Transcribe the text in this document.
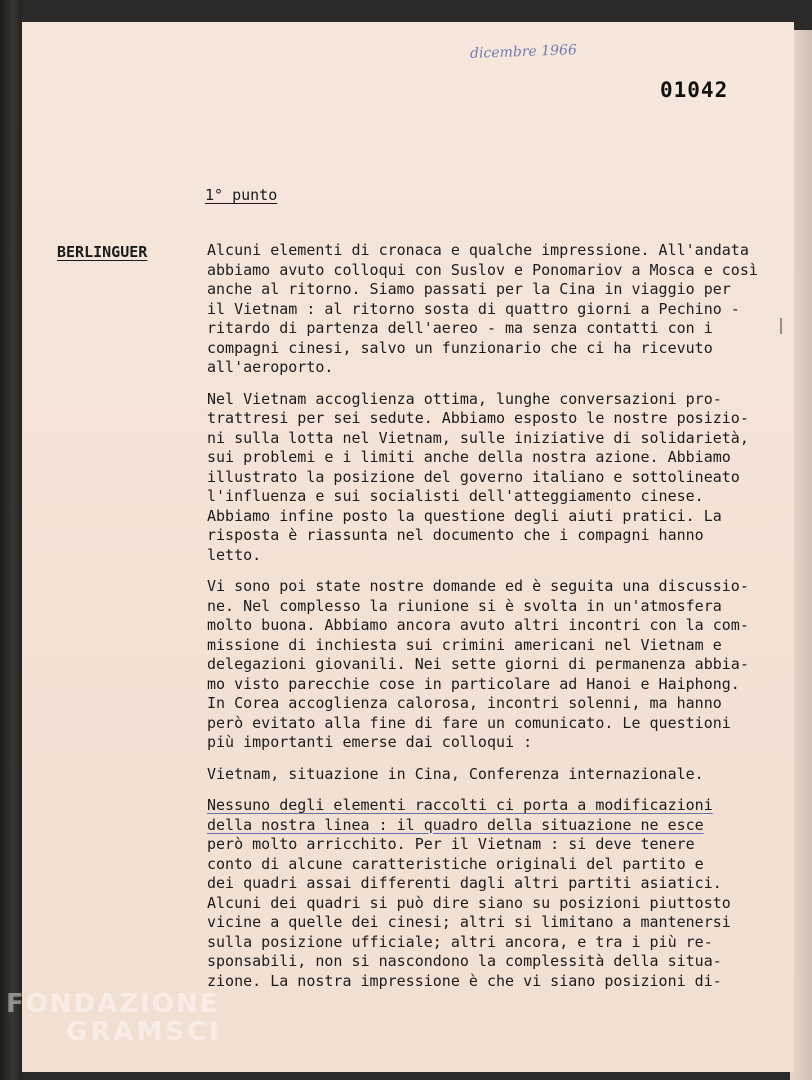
dicembre 1966
01042
1° punto
BERLINGUER	Alcuni elementi di cronaca e qualche impressione. All'andata
abbiamo avuto colloqui con Suslov e Ponomariov a Mosca e così
anche al ritorno. Siamo passati per la Cina in viaggio per
il Vietnam : al ritorno sosta di quattro giorni a Pechino -
ritardo di partenza dell'aereo - ma senza contatti con i
compagni cinesi, salvo un funzionario che ci ha ricevuto
all'aeroporto.
Nel Vietnam accoglienza ottima, lunghe conversazioni pro-
trattresi per sei sedute. Abbiamo esposto le nostre posizio-
ni sulla lotta nel Vietnam, sulle iniziative di solidarietà,
sui problemi e i limiti anche della nostra azione. Abbiamo
illustrato la posizione del governo italiano e sottolineato
l'influenza e sui socialisti dell'atteggiamento cinese.
Abbiamo infine posto la questione degli aiuti pratici. La
risposta è riassunta nel documento che i compagni hanno
letto.
Vi sono poi state nostre domande ed è seguita una discussio-
ne. Nel complesso la riunione si è svolta in un'atmosfera
molto buona. Abbiamo ancora avuto altri incontri con la com-
missione di inchiesta sui crimini americani nel Vietnam e
delegazioni giovanili. Nei sette giorni di permanenza abbia-
mo visto parecchie cose in particolare ad Hanoi e Haiphong.
In Corea accoglienza calorosa, incontri solenni, ma hanno
però evitato alla fine di fare un comunicato. Le questioni
più importanti emerse dai colloqui :
Vietnam, situazione in Cina, Conferenza internazionale.
Nessuno degli elementi raccolti ci porta a modificazioni
della nostra linea : il quadro della situazione ne esce
però molto arricchito. Per il Vietnam : si deve tenere
conto di alcune caratteristiche originali del partito e
dei quadri assai differenti dagli altri partiti asiatici.
Alcuni dei quadri si può dire siano su posizioni piuttosto
vicine a quelle dei cinesi; altri si limitano a mantenersi
sulla posizione ufficiale; altri ancora, e tra i più re-
sponsabili, non si nascondono la complessità della situa-
zione. La nostra impressione è che vi siano posizioni di-
FONDAZIONE
GRAMSCI
